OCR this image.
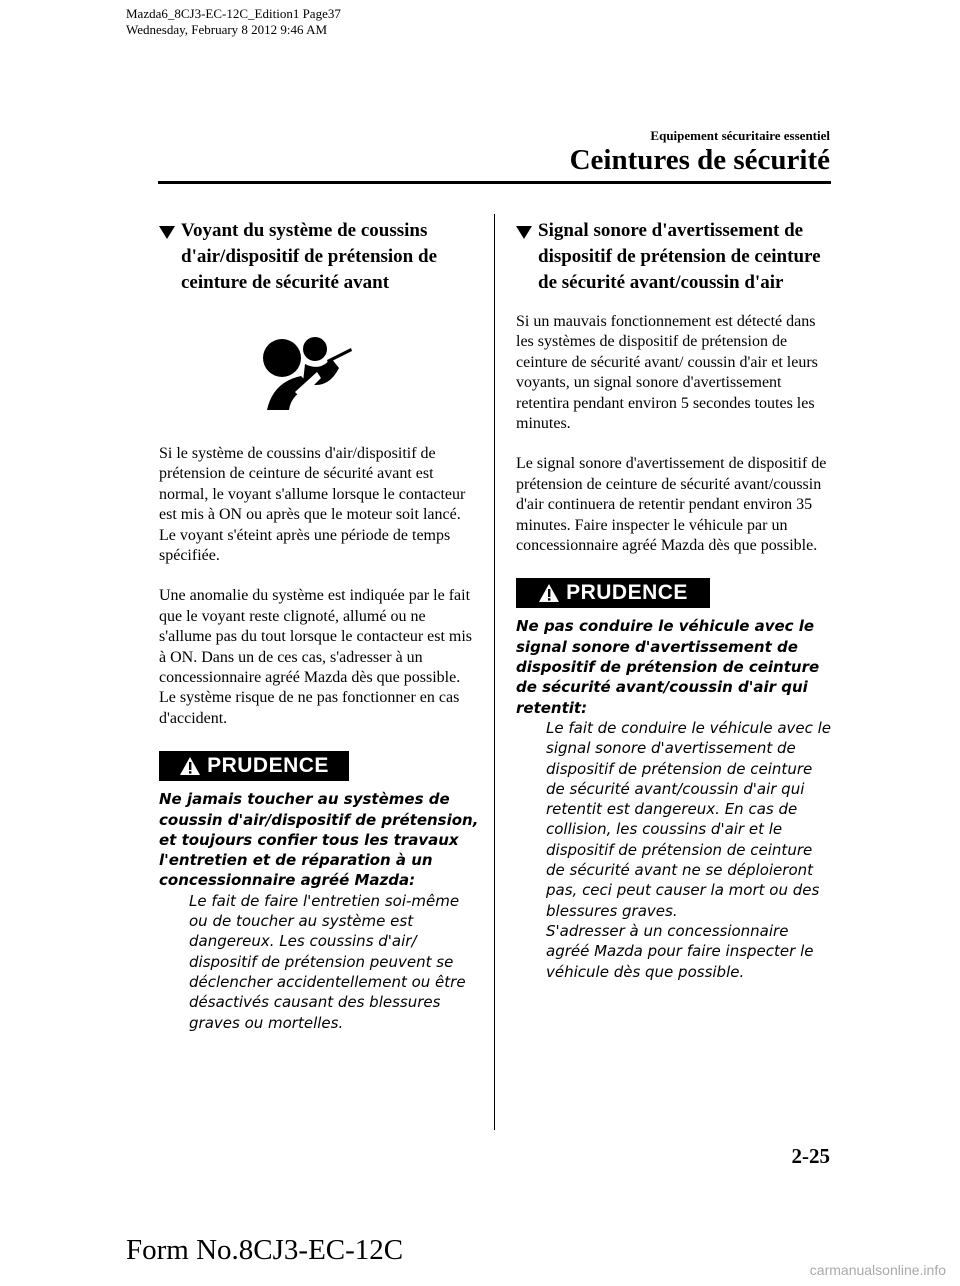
Mazda6_8CJ3-EC-12C_Edition1 Page37
Wednesday, February 8 2012 9:46 AM
Equipement sécuritaire essentiel
Ceintures de sécurité
Voyant du système de coussins d'air/dispositif de prétension de ceinture de sécurité avant

Si le système de coussins d'air/dispositif de prétension de ceinture de sécurité avant est normal, le voyant s'allume lorsque le contacteur est mis à ON ou après que le moteur soit lancé. Le voyant s'éteint après une période de temps spécifiée.

Une anomalie du système est indiquée par le fait que le voyant reste clignoté, allumé ou ne s'allume pas du tout lorsque le contacteur est mis à ON. Dans un de ces cas, s'adresser à un concessionnaire agréé Mazda dès que possible. Le système risque de ne pas fonctionner en cas d'accident.

PRUDENCE

Ne jamais toucher au systèmes de coussin d'air/dispositif de prétension, et toujours confier tous les travaux l'entretien et de réparation à un concessionnaire agréé Mazda:

Le fait de faire l'entretien soi-même ou de toucher au système est dangereux. Les coussins d'air/ dispositif de prétension peuvent se déclencher accidentellement ou être désactivés causant des blessures graves ou mortelles.

Signal sonore d'avertissement de dispositif de prétension de ceinture de sécurité avant/coussin d'air

Si un mauvais fonctionnement est détecté dans les systèmes de dispositif de prétension de ceinture de sécurité avant/ coussin d'air et leurs voyants, un signal sonore d'avertissement retentira pendant environ 5 secondes toutes les minutes.

Le signal sonore d'avertissement de dispositif de prétension de ceinture de sécurité avant/coussin d'air continuera de retentir pendant environ 35 minutes. Faire inspecter le véhicule par un concessionnaire agréé Mazda dès que possible.

PRUDENCE

Ne pas conduire le véhicule avec le signal sonore d'avertissement de dispositif de prétension de ceinture de sécurité avant/coussin d'air qui retentit:

Le fait de conduire le véhicule avec le signal sonore d'avertissement de dispositif de prétension de ceinture de sécurité avant/coussin d'air qui retentit est dangereux. En cas de collision, les coussins d'air et le dispositif de prétension de ceinture de sécurité avant ne se déploieront pas, ceci peut causer la mort ou des blessures graves.

S'adresser à un concessionnaire agréé Mazda pour faire inspecter le véhicule dès que possible.

2-25
Form No.8CJ3-EC-12C
carmanualsonline.info
